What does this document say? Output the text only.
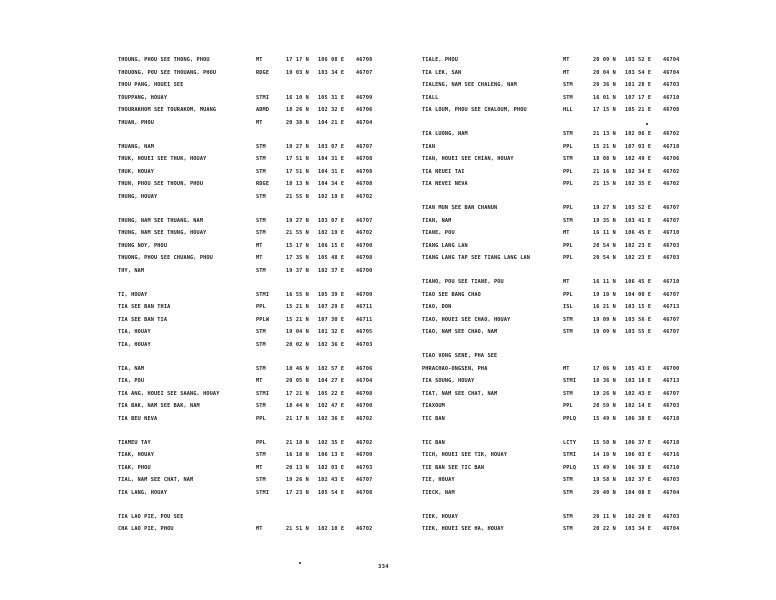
THOUNG, PHOU SEE THONG, PHOU	MT	17 17 N 106 08 E 46708
THOUONG, POU SEE THOUANG, PHOU	RDGE	19 03 N 103 34 E 46707
THOU PANG, HOUEI SEE
TOUPPANG, HOUAY	STMI	16 10 N 105 31 E 46709
THOURAKHOM SEE TOURAKOM, MUANG	ADMD	18 26 N 102 32 E 46706
THUAN, PHOU	MT	20 38 N 104 21 E 46704
THUANG, NAM	STM	19 27 N 103 07 E 46707
THUK, HOUEI SEE THUK, HOUAY	STM	17 51 N 104 31 E 46708
THUK, HOUAY	STM	17 51 N 104 31 E 46708
THUN, PHOU SEE THOUN, PHOU	RDGE	18 13 N 104 34 E 46708
THUNG, HOUAY	STM	21 55 N 102 19 E 46702
THUNG, NAM SEE THUANG, NAM	STM	19 27 N 103 07 E 46707
THUNG, NAM SEE THUNG, HOUAY	STM	21 55 N 102 19 E 46702
THUNG NOY, PHOU	MT	15 17 N 106 15 E 46700
THUONG, PHOU SEE CHUANG, PHOU	MT	17 35 N 105 48 E 46708
THY, NAM	STM	19 37 N 102 37 E 46700
TI, HOUAY	STMI	16 55 N 105 39 E 46709
TIA SEE BAN THIA	PPL	15 21 N 107 29 E 46711
TIA SEE BAN TIA	PPLW	15 21 N 107 30 E 46711
TIA, HOUAY	STM	19 04 N 101 32 E 46705
TIA, HOUAY	STM	20 02 N 102 36 E 46703
TIA, NAM	STM	18 46 N 102 57 E 46706
TIA, POU	MT	20 05 N 104 27 E 46704
TIA ANG, HOUEI SEE SAANG, HOUAY	STMI	17 21 N 105 22 E 46708
TIA BAK, NAM SEE BAK, NAM	STM	18 44 N 102 47 E 46700
TIA BEU NEVA	PPL	21 17 N 102 36 E 46702
TIAMEU TAY	PPL	21 18 N 102 35 E 46702
TIAK, HOUAY	STM	16 18 N 106 13 E 46709
TIAK, PHOU	MT	20 13 N 102 03 E 46703
TIAL, NAM SEE CHAT, NAM	STM	19 26 N 102 43 E 46707
TIA LANG, HOUAY	STMI	17 23 N 105 54 E 46708
TIA LAO PIE, POU SEE
CHA LAO PIE, PHOU	MT	21 51 N 102 10 E 46702
TIALE, PHOU	MT	20 09 N 103 52 E 46704
TIA LEK, SAN	MT	20 04 N 103 54 E 46704
TIALENG, NAM SEE CHALENG, NAM	STM	20 36 N 101 28 E 46703
TIALL	STM	16 01 N 107 17 E 46710
TIA LOUM, PHOU SEE CHALOUM, PHOU	HLL	17 15 N 105 21 E 46708
TIA LUONG, NAM	STM	21 13 N 102 06 E 46702
TIAN	PPL	15 21 N 107 03 E 46710
TIAN, HOUEI SEE CHIAN, HOUAY	STM	18 08 N 102 49 E 46706
TIA NEUEI TAI	PPL	21 16 N 102 34 E 46702
TIA NEVEI NEVA	PPL	21 15 N 102 35 E 46702
TIAN MUN SEE BAN CHANUN	PPL	19 27 N 103 52 E 46707
TIAN, NAM	STM	19 35 N 103 41 E 46707
TIANE, POU	MT	16 11 N 106 45 E 46710
TIANG LANG LAN	PPL	20 54 N 102 23 E 46703
TIANG LANG TAP SEE TIANG LANG LAN	PPL	20 54 N 102 23 E 46703
TIANO, POU SEE TIANE, POU	MT	16 11 N 106 45 E 46710
TIAO SEE BANG CHAO	PPL	19 10 N 104 00 E 46707
TIAO, DON	ISL	16 21 N 103 15 E 46713
TIAO, HOUEI SEE CHAO, HOUAY	STM	19 09 N 103 56 E 46707
TIAO, NAM SEE CHAO, NAM	STM	19 09 N 103 55 E 46707
TIAO VONG SENE, PHA SEE
PHRACHAO-ONGSEN, PHA	MT	17 06 N 105 43 E 46700
TIA SOUNG, HOUAY	STMI	18 36 N 103 18 E 46713
TIAT, NAM SEE CHAT, NAM	STM	19 26 N 102 43 E 46707
TIAXOUM	PPL	20 59 N 102 14 E 46703
TIC BAN	PPLQ	15 49 N 106 38 E 46710
TIC BAN	LCTY	15 50 N 106 37 E 46710
TICH, HOUEI SEE TIK, HOUAY	STMI	14 10 N 106 03 E 46716
TIE BAN SEE TIC BAN	PPLQ	15 49 N 106 38 E 46710
TIE, HOUAY	STM	19 58 N 102 37 E 46703
TIECK, NAM	STM	20 40 N 104 08 E 46704
TIEK, HOUAY	STM	20 11 N 102 20 E 46703
TIEK, HOUEI SEE HA, HOUAY	STM	20 22 N 103 34 E 46704
334
